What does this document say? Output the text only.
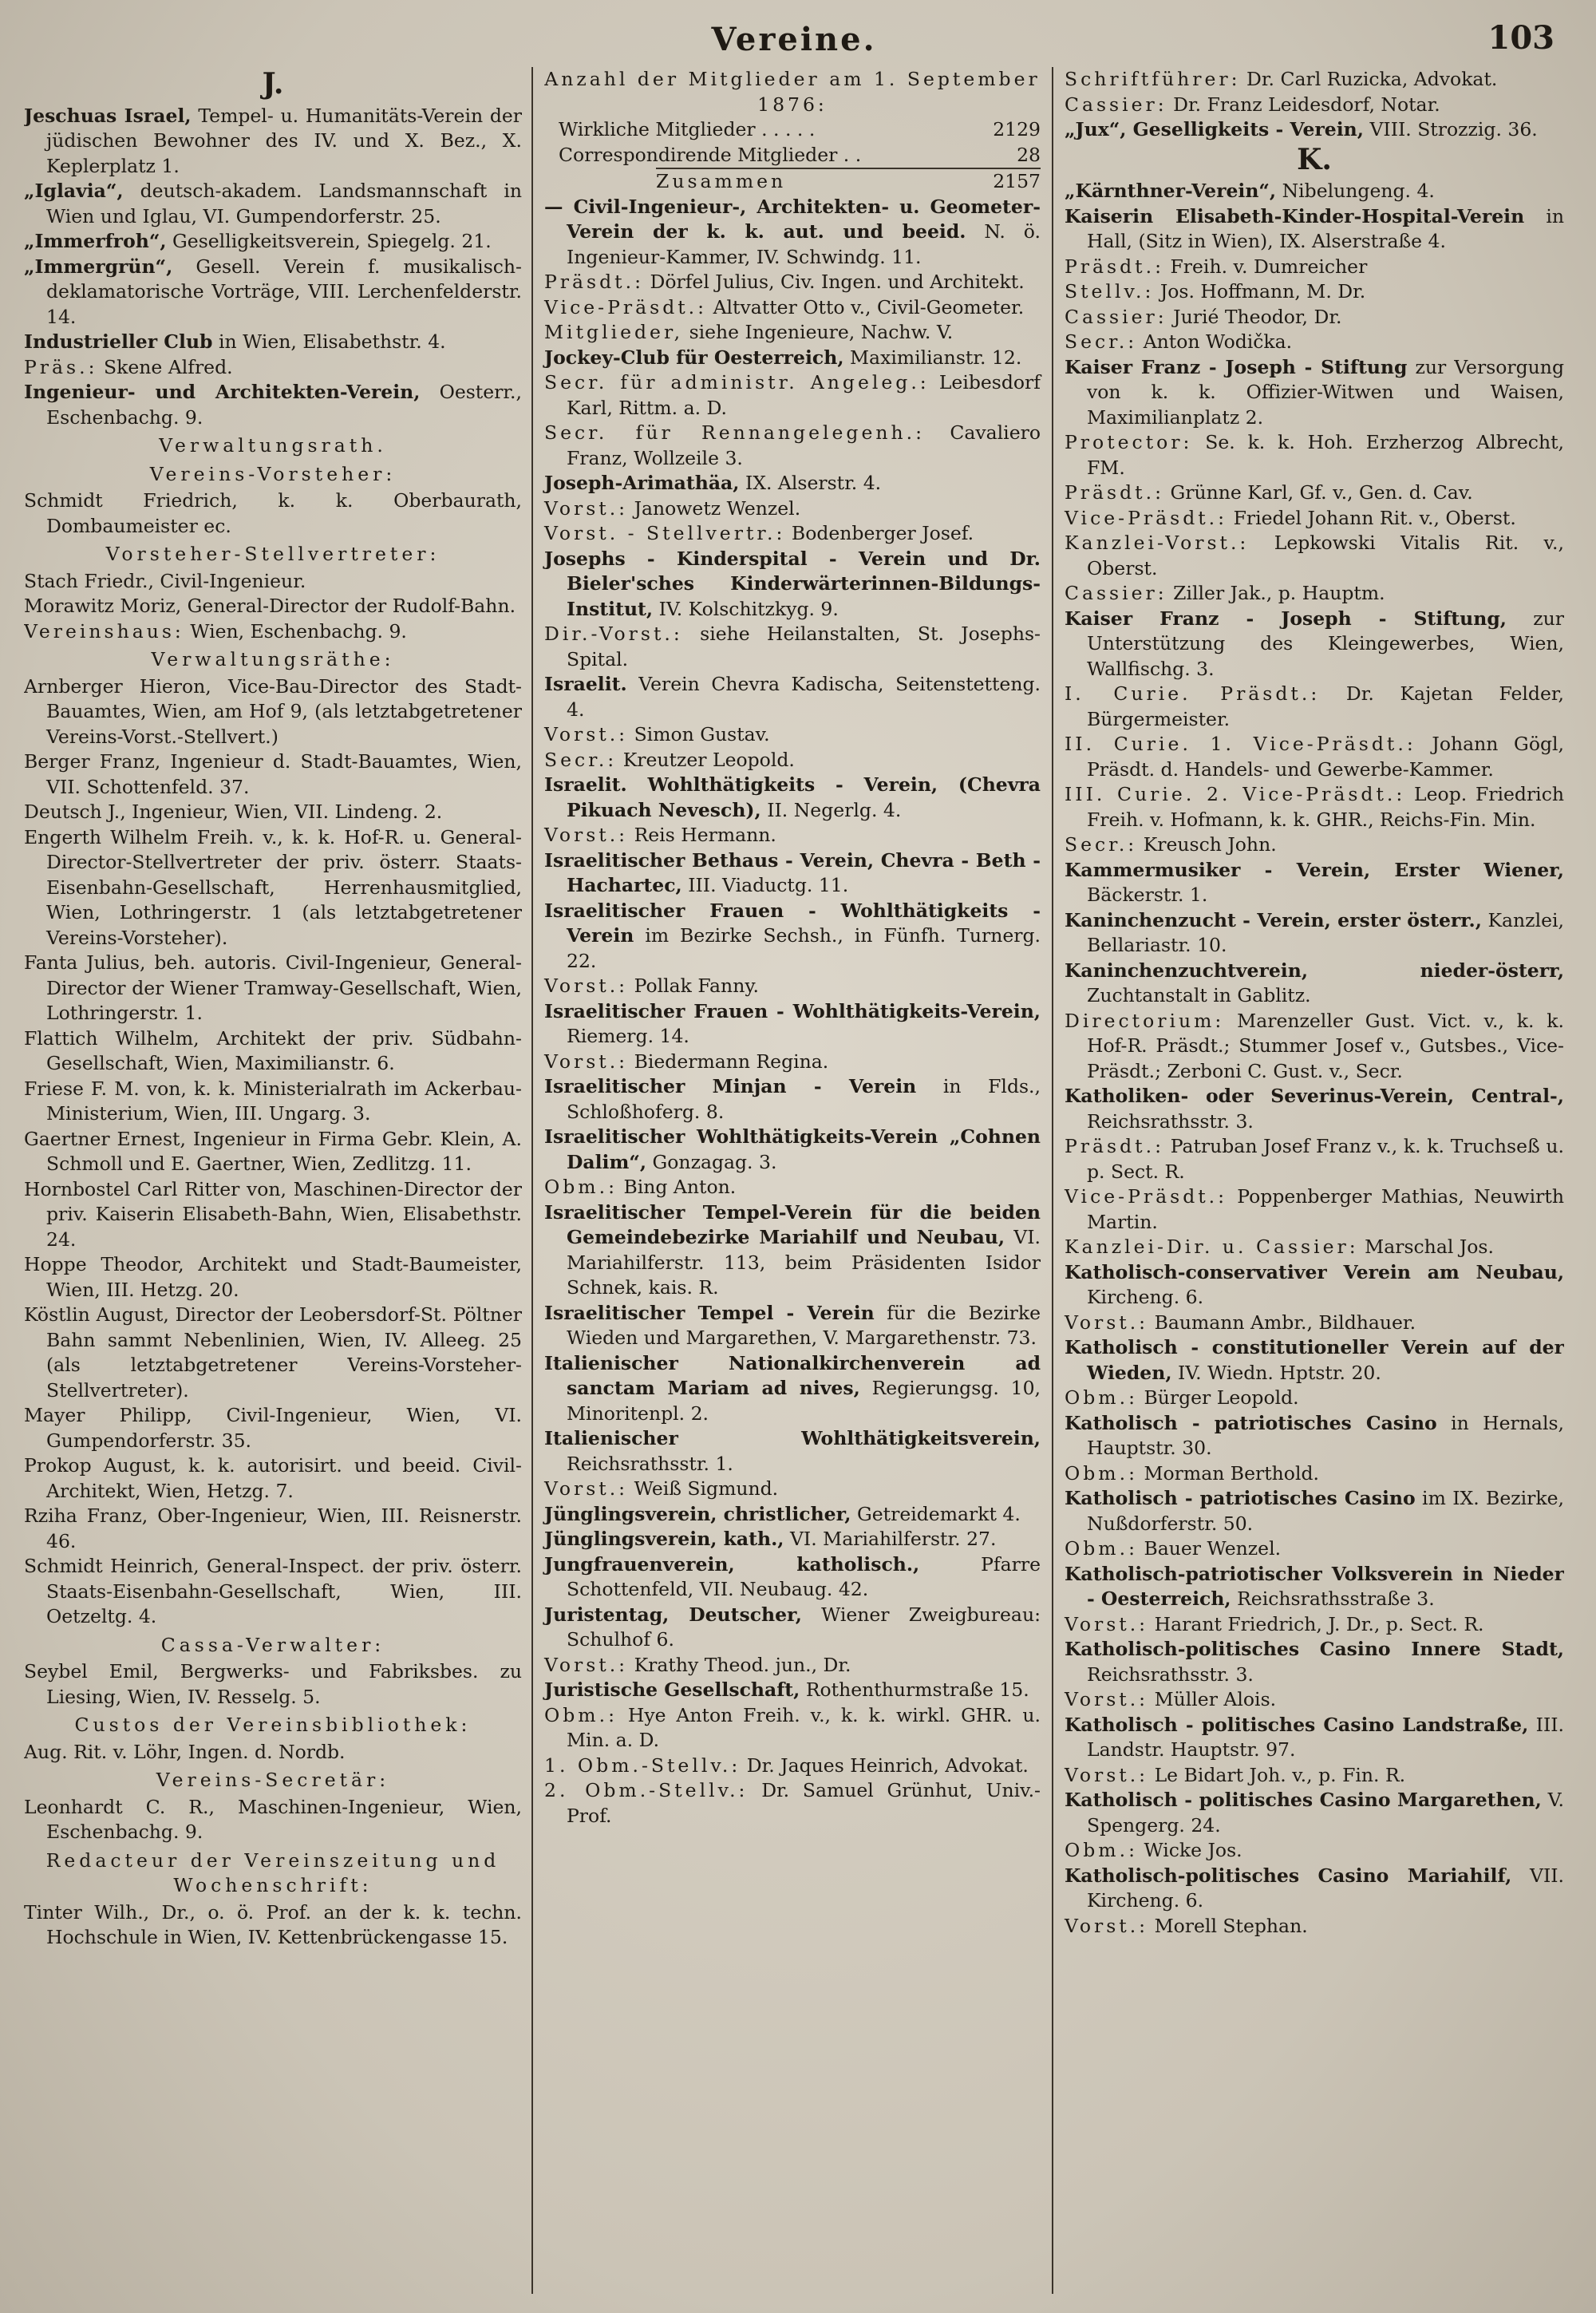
Vereine.	103
J.

Jeschuas Israel, Tempel- u. Humanitäts-Verein der jüdischen Bewohner des IV. und X. Bez., X. Keplerplatz 1.

„Iglavia“, deutsch-akadem. Landsmannschaft in Wien und Iglau, VI. Gumpendorferstr. 25.

„Immerfroh“, Geselligkeitsverein, Spiegelg. 21.

„Immergrün“, Gesell. Verein f. musikalisch-deklamatorische Vorträge, VIII. Lerchenfelderstr. 14.

Industrieller Club in Wien, Elisabethstr. 4.

Präs.: Skene Alfred.

Ingenieur- und Architekten-Verein, Oesterr., Eschenbachg. 9.

Verwaltungsrath.

Vereins-Vorsteher:

Schmidt Friedrich, k. k. Oberbaurath, Dombaumeister ec.

Vorsteher-Stellvertreter:

Stach Friedr., Civil-Ingenieur.

Morawitz Moriz, General-Director der Rudolf-Bahn.

Vereinshaus: Wien, Eschenbachg. 9.

Verwaltungsräthe:

Arnberger Hieron, Vice-Bau-Director des Stadt-Bauamtes, Wien, am Hof 9, (als letztabgetretener Vereins-Vorst.-Stellvert.)

Berger Franz, Ingenieur d. Stadt-Bauamtes, Wien, VII. Schottenfeld. 37.

Deutsch J., Ingenieur, Wien, VII. Lindeng. 2.

Engerth Wilhelm Freih. v., k. k. Hof-R. u. General-Director-Stellvertreter der priv. österr. Staats-Eisenbahn-Gesellschaft, Herrenhausmitglied, Wien, Lothringerstr. 1 (als letztabgetretener Vereins-Vorsteher).

Fanta Julius, beh. autoris. Civil-Ingenieur, General-Director der Wiener Tramway-Gesellschaft, Wien, Lothringerstr. 1.

Flattich Wilhelm, Architekt der priv. Südbahn-Gesellschaft, Wien, Maximilianstr. 6.

Friese F. M. von, k. k. Ministerialrath im Ackerbau-Ministerium, Wien, III. Ungarg. 3.

Gaertner Ernest, Ingenieur in Firma Gebr. Klein, A. Schmoll und E. Gaertner, Wien, Zedlitzg. 11.

Hornbostel Carl Ritter von, Maschinen-Director der priv. Kaiserin Elisabeth-Bahn, Wien, Elisabethstr. 24.

Hoppe Theodor, Architekt und Stadt-Baumeister, Wien, III. Hetzg. 20.

Köstlin August, Director der Leobersdorf-St. Pöltner Bahn sammt Nebenlinien, Wien, IV. Alleeg. 25 (als letztabgetretener Vereins-Vorsteher-Stellvertreter).

Mayer Philipp, Civil-Ingenieur, Wien, VI. Gumpendorferstr. 35.

Prokop August, k. k. autorisirt. und beeid. Civil-Architekt, Wien, Hetzg. 7.

Rziha Franz, Ober-Ingenieur, Wien, III. Reisnerstr. 46.

Schmidt Heinrich, General-Inspect. der priv. österr. Staats-Eisenbahn-Gesellschaft, Wien, III. Oetzeltg. 4.

Cassa-Verwalter:

Seybel Emil, Bergwerks- und Fabriksbes. zu Liesing, Wien, IV. Resselg. 5.

Custos der Vereinsbibliothek:

Aug. Rit. v. Löhr, Ingen. d. Nordb.

Vereins-Secretär:

Leonhardt C. R., Maschinen-Ingenieur, Wien, Eschenbachg. 9.

Redacteur der Vereinszeitung und Wochenschrift:

Tinter Wilh., Dr., o. ö. Prof. an der k. k. techn. Hochschule in Wien, IV. Kettenbrückengasse 15.

Anzahl der Mitglieder am 1. September 1876:

Wirkliche Mitglieder . . . . .	2129
Correspondirende Mitglieder . .	28
Zusammen	2157

— Civil-Ingenieur-, Architekten- u. Geometer-Verein der k. k. aut. und beeid. N. ö. Ingenieur-Kammer, IV. Schwindg. 11.

Präsdt.: Dörfel Julius, Civ. Ingen. und Architekt.

Vice-Präsdt.: Altvatter Otto v., Civil-Geometer.

Mitglieder, siehe Ingenieure, Nachw. V.

Jockey-Club für Oesterreich, Maximilianstr. 12.

Secr. für administr. Angeleg.: Leibesdorf Karl, Rittm. a. D.

Secr. für Rennangelegenh.: Cavaliero Franz, Wollzeile 3.

Joseph-Arimathäa, IX. Alserstr. 4.

Vorst.: Janowetz Wenzel.

Vorst. - Stellvertr.: Bodenberger Josef.

Josephs - Kinderspital - Verein und Dr. Bieler'sches Kinderwärterinnen-Bildungs-Institut, IV. Kolschitzkyg. 9.

Dir.-Vorst.: siehe Heilanstalten, St. Josephs-Spital.

Israelit. Verein Chevra Kadischa, Seitenstetteng. 4.

Vorst.: Simon Gustav.

Secr.: Kreutzer Leopold.

Israelit. Wohlthätigkeits - Verein, (Chevra Pikuach Nevesch), II. Negerlg. 4.

Vorst.: Reis Hermann.

Israelitischer Bethaus - Verein, Chevra - Beth - Hachartec, III. Viaductg. 11.

Israelitischer Frauen - Wohlthätigkeits - Verein im Bezirke Sechsh., in Fünfh. Turnerg. 22.

Vorst.: Pollak Fanny.

Israelitischer Frauen - Wohlthätigkeits-Verein, Riemerg. 14.

Vorst.: Biedermann Regina.

Israelitischer Minjan - Verein in Flds., Schloßhoferg. 8.

Israelitischer Wohlthätigkeits-Verein „Cohnen Dalim“, Gonzagag. 3.

Obm.: Bing Anton.

Israelitischer Tempel-Verein für die beiden Gemeindebezirke Mariahilf und Neubau, VI. Mariahilferstr. 113, beim Präsidenten Isidor Schnek, kais. R.

Israelitischer Tempel - Verein für die Bezirke Wieden und Margarethen, V. Margarethenstr. 73.

Italienischer Nationalkirchenverein ad sanctam Mariam ad nives, Regierungsg. 10, Minoritenpl. 2.

Italienischer Wohlthätigkeitsverein, Reichsrathsstr. 1.

Vorst.: Weiß Sigmund.

Jünglingsverein, christlicher, Getreidemarkt 4.

Jünglingsverein, kath., VI. Mariahilferstr. 27.

Jungfrauenverein, katholisch.,	Pfarre Schottenfeld, VII. Neubaug. 42.

Juristentag, Deutscher, Wiener Zweigbureau: Schulhof 6.

Vorst.: Krathy Theod. jun., Dr.

Juristische Gesellschaft, Rothenthurmstraße 15.

Obm.: Hye Anton Freih. v., k. k. wirkl. GHR. u. Min. a. D.

1. Obm.-Stellv.: Dr. Jaques Heinrich, Advokat.

2. Obm.-Stellv.: Dr. Samuel Grünhut, Univ.-Prof.

Schriftführer: Dr. Carl Ruzicka, Advokat.

Cassier: Dr. Franz Leidesdorf, Notar.

„Jux“, Geselligkeits - Verein, VIII. Strozzig. 36.

K.

„Kärnthner-Verein“, Nibelungeng. 4.

Kaiserin Elisabeth-Kinder-Hospital-Verein in Hall, (Sitz in Wien), IX. Alserstraße 4.

Präsdt.: Freih. v. Dumreicher

Stellv.: Jos. Hoffmann, M. Dr.

Cassier: Jurié Theodor, Dr.

Secr.: Anton Wodička.

Kaiser Franz - Joseph - Stiftung zur Versorgung von k. k. Offizier-Witwen und Waisen, Maximilianplatz 2.

Protector: Se. k. k. Hoh. Erzherzog Albrecht, FM.

Präsdt.: Grünne Karl, Gf. v., Gen. d. Cav.

Vice-Präsdt.: Friedel Johann Rit. v., Oberst.

Kanzlei-Vorst.: Lepkowski Vitalis Rit. v., Oberst.

Cassier: Ziller Jak., p. Hauptm.

Kaiser Franz - Joseph - Stiftung, zur Unterstützung des Kleingewerbes, Wien, Wallfischg. 3.

I. Curie. Präsdt.: Dr. Kajetan Felder, Bürgermeister.

II. Curie. 1. Vice-Präsdt.: Johann Gögl, Präsdt. d. Handels- und Gewerbe-Kammer.

III. Curie. 2. Vice-Präsdt.: Leop. Friedrich Freih. v. Hofmann, k. k. GHR., Reichs-Fin. Min.

Secr.: Kreusch John.

Kammermusiker - Verein, Erster Wiener, Bäckerstr. 1.

Kaninchenzucht - Verein, erster österr., Kanzlei, Bellariastr. 10.

Kaninchenzuchtverein, nieder-österr, Zuchtanstalt in Gablitz.

Directorium: Marenzeller Gust. Vict. v., k. k. Hof-R. Präsdt.; Stummer Josef v., Gutsbes., Vice-Präsdt.; Zerboni C. Gust. v., Secr.

Katholiken- oder Severinus-Verein, Central-, Reichsrathsstr. 3.

Präsdt.: Patruban Josef Franz v., k. k. Truchseß u. p. Sect. R.

Vice-Präsdt.: Poppenberger Mathias, Neuwirth Martin.

Kanzlei-Dir. u. Cassier: Marschal Jos.

Katholisch-conservativer Verein am Neubau, Kircheng. 6.

Vorst.: Baumann Ambr., Bildhauer.

Katholisch - constitutioneller Verein auf der Wieden, IV. Wiedn. Hptstr. 20.

Obm.: Bürger Leopold.

Katholisch - patriotisches Casino in Hernals, Hauptstr. 30.

Obm.: Morman Berthold.

Katholisch - patriotisches Casino im IX. Bezirke, Nußdorferstr. 50.

Obm.: Bauer Wenzel.

Katholisch-patriotischer Volksverein in Nieder - Oesterreich, Reichsrathsstraße 3.

Vorst.: Harant Friedrich, J. Dr., p. Sect. R.

Katholisch-politisches Casino Innere Stadt, Reichsrathsstr. 3.

Vorst.: Müller Alois.

Katholisch - politisches Casino Landstraße, III. Landstr. Hauptstr. 97.

Vorst.: Le Bidart Joh. v., p. Fin. R.

Katholisch - politisches Casino Margarethen, V. Spengerg. 24.

Obm.: Wicke Jos.

Katholisch-politisches Casino Mariahilf, VII. Kircheng. 6.

Vorst.: Morell Stephan.
